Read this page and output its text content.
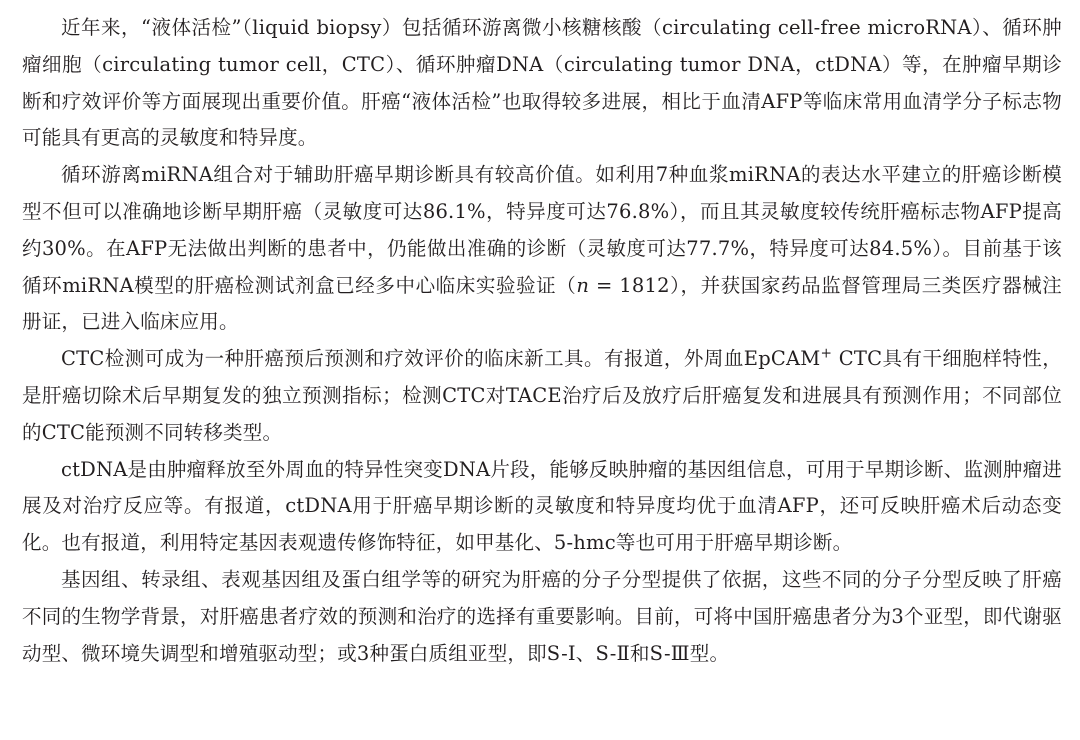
近年来，“液体活检”（liquid biopsy）包括循环游离微小核糖核酸（circulating cell-free microRNA）、循环肿瘤细胞（circulating tumor cell，CTC）、循环肿瘤DNA（circulating tumor DNA，ctDNA）等，在肿瘤早期诊断和疗效评价等方面展现出重要价值。肝癌“液体活检”也取得较多进展，相比于血清AFP等临床常用血清学分子标志物可能具有更高的灵敏度和特异度。

循环游离miRNA组合对于辅助肝癌早期诊断具有较高价值。如利用7种血浆miRNA的表达水平建立的肝癌诊断模型不但可以准确地诊断早期肝癌（灵敏度可达86.1%，特异度可达76.8%），而且其灵敏度较传统肝癌标志物AFP提高约30%。在AFP无法做出判断的患者中，仍能做出准确的诊断（灵敏度可达77.7%，特异度可达84.5%）。目前基于该循环miRNA模型的肝癌检测试剂盒已经多中心临床实验验证（n = 1812），并获国家药品监督管理局三类医疗器械注册证，已进入临床应用。

CTC检测可成为一种肝癌预后预测和疗效评价的临床新工具。有报道，外周血EpCAM+ CTC具有干细胞样特性，是肝癌切除术后早期复发的独立预测指标；检测CTC对TACE治疗后及放疗后肝癌复发和进展具有预测作用；不同部位的CTC能预测不同转移类型。

ctDNA是由肿瘤释放至外周血的特异性突变DNA片段，能够反映肿瘤的基因组信息，可用于早期诊断、监测肿瘤进展及对治疗反应等。有报道，ctDNA用于肝癌早期诊断的灵敏度和特异度均优于血清AFP，还可反映肝癌术后动态变化。也有报道，利用特定基因表观遗传修饰特征，如甲基化、5-hmc等也可用于肝癌早期诊断。

基因组、转录组、表观基因组及蛋白组学等的研究为肝癌的分子分型提供了依据，这些不同的分子分型反映了肝癌不同的生物学背景，对肝癌患者疗效的预测和治疗的选择有重要影响。目前，可将中国肝癌患者分为3个亚型，即代谢驱动型、微环境失调型和增殖驱动型；或3种蛋白质组亚型，即S-Ⅰ、S-Ⅱ和S-Ⅲ型。
